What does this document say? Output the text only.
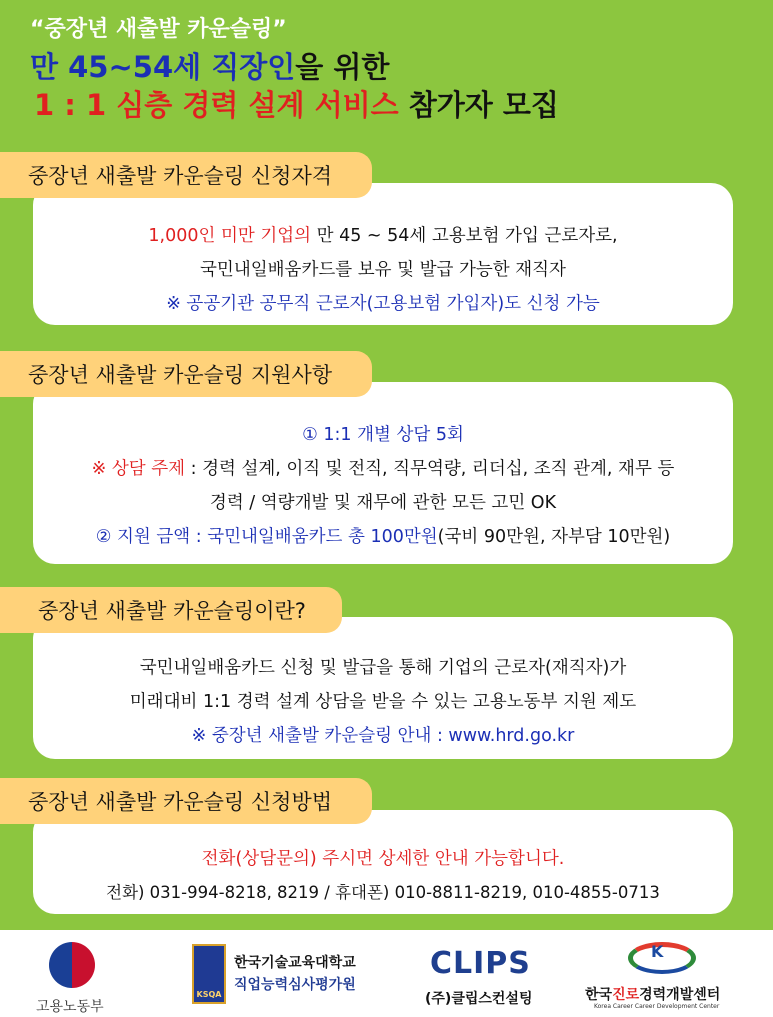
“중장년 새출발 카운슬링”
만 45~54세 직장인을 위한
1 : 1 심층 경력 설계 서비스 참가자 모집
1,000인 미만 기업의 만 45 ~ 54세 고용보험 가입 근로자로,
국민내일배움카드를 보유 및 발급 가능한 재직자
※ 공공기관 공무직 근로자(고용보험 가입자)도 신청 가능
중장년 새출발 카운슬링 신청자격
① 1:1 개별 상담 5회
※ 상담 주제 : 경력 설계, 이직 및 전직, 직무역량, 리더십, 조직 관계, 재무 등
경력 / 역량개발 및 재무에 관한 모든 고민 OK
② 지원 금액 : 국민내일배움카드 총 100만원(국비 90만원, 자부담 10만원)
중장년 새출발 카운슬링 지원사항
국민내일배움카드 신청 및 발급을 통해 기업의 근로자(재직자)가
미래대비 1:1 경력 설계 상담을 받을 수 있는 고용노동부 지원 제도
※ 중장년 새출발 카운슬링 안내 : www.hrd.go.kr
중장년 새출발 카운슬링이란?
전화(상담문의) 주시면 상세한 안내 가능합니다.
전화) 031-994-8218, 8219 / 휴대폰) 010-8811-8219, 010-4855-0713
중장년 새출발 카운슬링 신청방법
고용노동부
KSQA
한국기술교육대학교
직업능력심사평가원
CLIPS
(주)클립스컨설팅
K
한국진로경력개발센터
Korea Career Career Development Center
